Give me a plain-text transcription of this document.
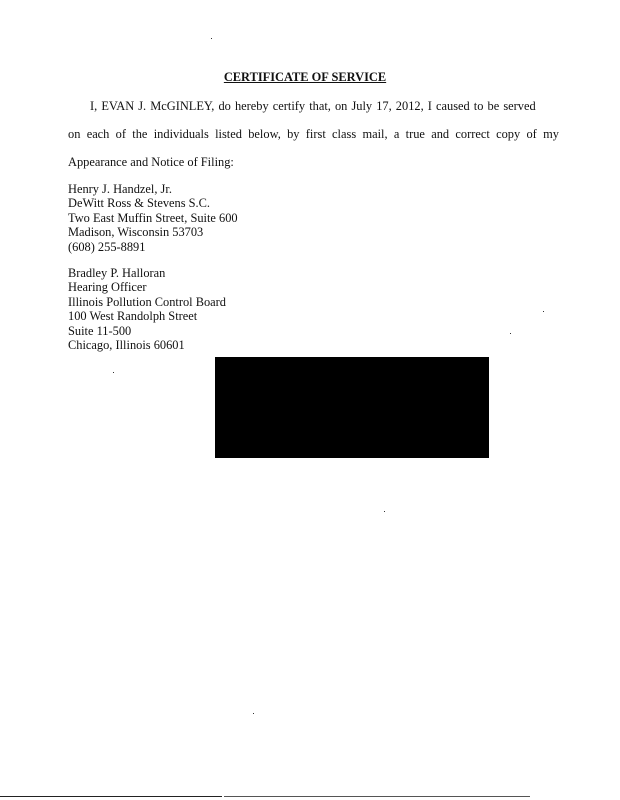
CERTIFICATE OF SERVICE
I, EVAN J. McGINLEY, do hereby certify that, on July 17, 2012, I caused to be served
on each of the individuals listed below, by first class mail, a true and correct copy of my
Appearance and Notice of Filing:
Henry J. Handzel, Jr.
DeWitt Ross & Stevens S.C.
Two East Muffin Street, Suite 600
Madison, Wisconsin 53703
(608) 255-8891
Bradley P. Halloran
Hearing Officer
Illinois Pollution Control Board
100 West Randolph Street
Suite 11-500
Chicago, Illinois 60601
